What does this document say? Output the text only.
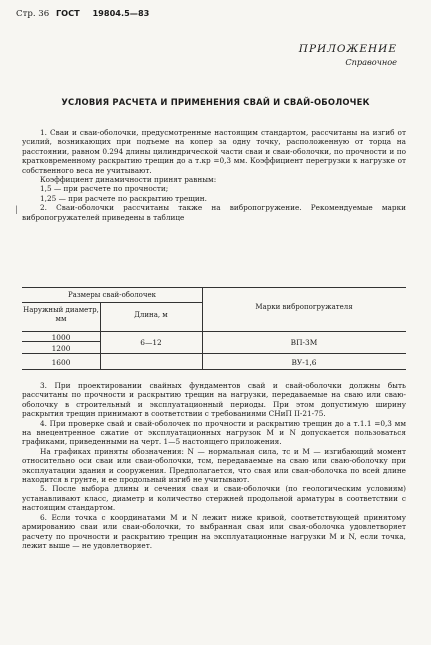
Стр. 36 ГОСТ 19804.5—83
ПРИЛОЖЕНИЕ
Справочное
УСЛОВИЯ РАСЧЕТА И ПРИМЕНЕНИЯ СВАЙ И СВАЙ-ОБОЛОЧЕК
|

1. Сваи и сваи-оболочки, предусмотренные настоящим стандартом, рассчитаны на изгиб от усилий, возникающих при подъеме на копер за одну точку, расположенную от торца на расстоянии, равном 0.294 длины цилиндрической части сваи и сваи-оболочки, по прочности и по кратковременному раскрытию трещин до a т.кр =0,3 мм. Коэффициент перегрузки к нагрузке от собственного веса не учитывают.

Коэффициент динамичности принят равным:

1,5 — при расчете по прочности;

1,25 — при расчете по раскрытию трещин.

2. Сваи-оболочки рассчитаны также на вибропогружение. Рекомендуемые марки вибропогружателей приведены в таблице

Размеры свай-оболочек
Наружный диаметр, мм	Длина, м
Марки вибропогружателя
1000
1200
1600
6—12	ВП-3М
ВУ-1,6

3. При проектировании свайных фундаментов свай и свай-оболочки должны быть рассчитаны по прочности и раскрытию трещин на нагрузки, передаваемые на сваю или сваю-оболочку в строительный и эксплуатационный периоды. При этом допустимую ширину раскрытия трещин принимают в соответствии с требованиями СНиП II-21-75.

4. При проверке свай и свай-оболочек по прочности и раскрытию трещин до a т.1.1 =0,3 мм на внецентренное сжатие от эксплуатационных нагрузок M и N допускается пользоваться графиками, приведенными на черт. 1—5 настоящего приложения.

На графиках приняты обозначения: N — нормальная сила, тс и M — изгибающий момент относительно оси сваи или сваи-оболочки, тсм, передаваемые на сваю или сваю-оболочку при эксплуатации здания и сооружения. Предполагается, что свая или свая-оболочка по всей длине находится в грунте, и ее продольный изгиб не учитывают.

5. После выбора длины и сечения свая и сваи-оболочки (по геологическим условиям) устанавливают класс, диаметр и количество стержней продольной арматуры в соответствии с настоящим стандартом.

6. Если точка с координатами M и N лежит ниже кривой, соответствующей принятому армированию сваи или сваи-оболочки, то выбранная свая или свая-оболочка удовлетворяет расчету по прочности и раскрытию трещин на эксплуатационные нагрузки M и N, если точка, лежит выше — не удовлетворяет.
